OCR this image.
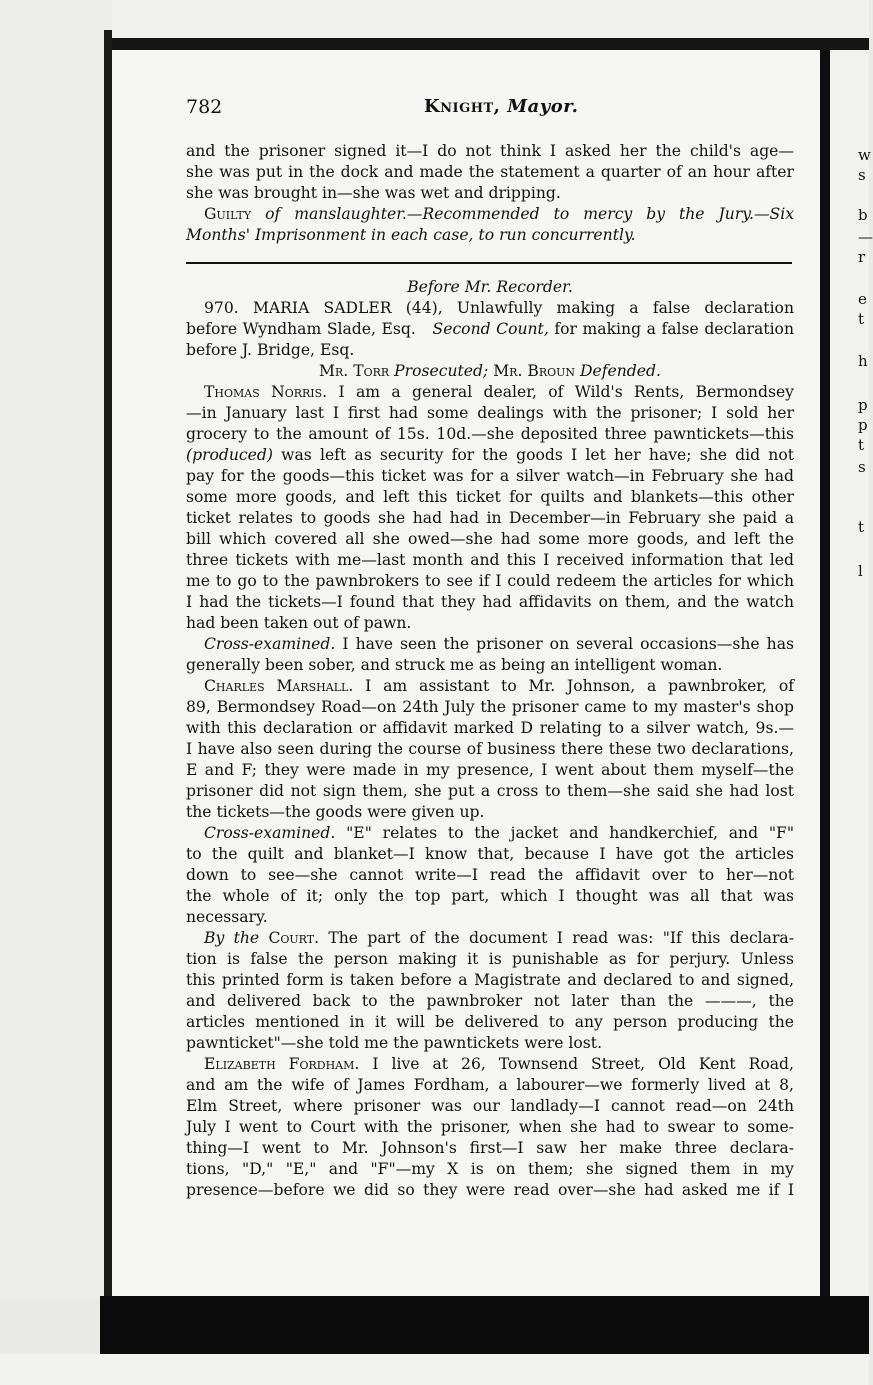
782	Knight, Mayor.
and the prisoner signed it—I do not think I asked her the child's age—
she was put in the dock and made the statement a quarter of an hour after
she was brought in—she was wet and dripping.
Guilty of manslaughter.—Recommended to mercy by the Jury.—Six
Months' Imprisonment in each case, to run concurrently.
Before Mr. Recorder.
970. MARIA SADLER (44), Unlawfully making a false declaration
before Wyndham Slade, Esq. Second Count, for making a false declaration
before J. Bridge, Esq.
Mr. Torr Prosecuted; Mr. Broun Defended.
Thomas Norris. I am a general dealer, of Wild's Rents, Bermondsey
—in January last I first had some dealings with the prisoner; I sold her
grocery to the amount of 15s. 10d.—she deposited three pawntickets—this
(produced) was left as security for the goods I let her have; she did not
pay for the goods—this ticket was for a silver watch—in February she had
some more goods, and left this ticket for quilts and blankets—this other
ticket relates to goods she had had in December—in February she paid a
bill which covered all she owed—she had some more goods, and left the
three tickets with me—last month and this I received information that led
me to go to the pawnbrokers to see if I could redeem the articles for which
I had the tickets—I found that they had affidavits on them, and the watch
had been taken out of pawn.
Cross-examined. I have seen the prisoner on several occasions—she has
generally been sober, and struck me as being an intelligent woman.
Charles Marshall. I am assistant to Mr. Johnson, a pawnbroker, of
89, Bermondsey Road—on 24th July the prisoner came to my master's shop
with this declaration or affidavit marked D relating to a silver watch, 9s.—
I have also seen during the course of business there these two declarations,
E and F; they were made in my presence, I went about them myself—the
prisoner did not sign them, she put a cross to them—she said she had lost
the tickets—the goods were given up.
Cross-examined. "E" relates to the jacket and handkerchief, and "F"
to the quilt and blanket—I know that, because I have got the articles
down to see—she cannot write—I read the affidavit over to her—not
the whole of it; only the top part, which I thought was all that was
necessary.
By the Court. The part of the document I read was: "If this declara-
tion is false the person making it is punishable as for perjury. Unless
this printed form is taken before a Magistrate and declared to and signed,
and delivered back to the pawnbroker not later than the ———, the
articles mentioned in it will be delivered to any person producing the
pawnticket"—she told me the pawntickets were lost.
Elizabeth Fordham. I live at 26, Townsend Street, Old Kent Road,
and am the wife of James Fordham, a labourer—we formerly lived at 8,
Elm Street, where prisoner was our landlady—I cannot read—on 24th
July I went to Court with the prisoner, when she had to swear to some-
thing—I went to Mr. Johnson's first—I saw her make three declara-
tions, "D," "E," and "F"—my X is on them; she signed them in my
presence—before we did so they were read over—she had asked me if I
w
s
b
—
r
e
t
h
p
p
t
s
t
l
